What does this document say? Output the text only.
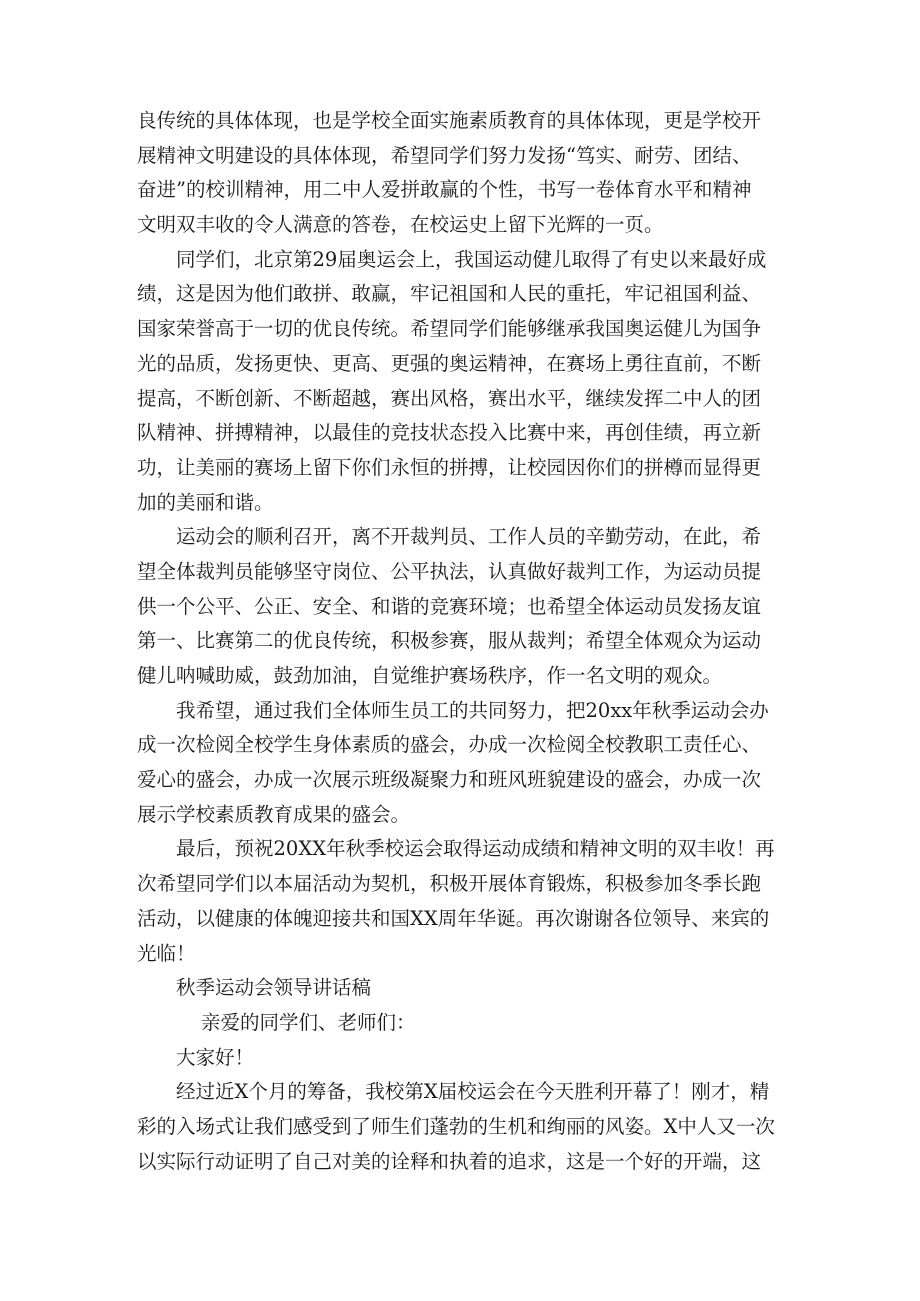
良传统的具体体现，也是学校全面实施素质教育的具体体现，更是学校开
展精神文明建设的具体体现，希望同学们努力发扬“笃实、耐劳、团结、
奋进”的校训精神，用二中人爱拼敢赢的个性，书写一卷体育水平和精神
文明双丰收的令人满意的答卷，在校运史上留下光辉的一页。
同学们，北京第29届奥运会上，我国运动健儿取得了有史以来最好成
绩，这是因为他们敢拼、敢赢，牢记祖国和人民的重托，牢记祖国利益、
国家荣誉高于一切的优良传统。希望同学们能够继承我国奥运健儿为国争
光的品质，发扬更快、更高、更强的奥运精神，在赛场上勇往直前，不断
提高，不断创新、不断超越，赛出风格，赛出水平，继续发挥二中人的团
队精神、拼搏精神，以最佳的竞技状态投入比赛中来，再创佳绩，再立新
功，让美丽的赛场上留下你们永恒的拼搏，让校园因你们的拼樽而显得更
加的美丽和谐。
运动会的顺利召开，离不开裁判员、工作人员的辛勤劳动，在此，希
望全体裁判员能够坚守岗位、公平执法，认真做好裁判工作，为运动员提
供一个公平、公正、安全、和谐的竞赛环境；也希望全体运动员发扬友谊
第一、比赛第二的优良传统，积极参赛，服从裁判；希望全体观众为运动
健儿呐喊助威，鼓劲加油，自觉维护赛场秩序，作一名文明的观众。
我希望，通过我们全体师生员工的共同努力，把20xx年秋季运动会办
成一次检阅全校学生身体素质的盛会，办成一次检阅全校教职工责任心、
爱心的盛会，办成一次展示班级凝聚力和班风班貌建设的盛会，办成一次
展示学校素质教育成果的盛会。
最后，预祝20XX年秋季校运会取得运动成绩和精神文明的双丰收！再
次希望同学们以本届活动为契机，积极开展体育锻炼，积极参加冬季长跑
活动，以健康的体魄迎接共和国XX周年华诞。再次谢谢各位领导、来宾的
光临！
秋季运动会领导讲话稿
亲爱的同学们、老师们：
大家好！
经过近X个月的筹备，我校第X届校运会在今天胜利开幕了！刚才，精
彩的入场式让我们感受到了师生们蓬勃的生机和绚丽的风姿。X中人又一次
以实际行动证明了自己对美的诠释和执着的追求，这是一个好的开端，这
